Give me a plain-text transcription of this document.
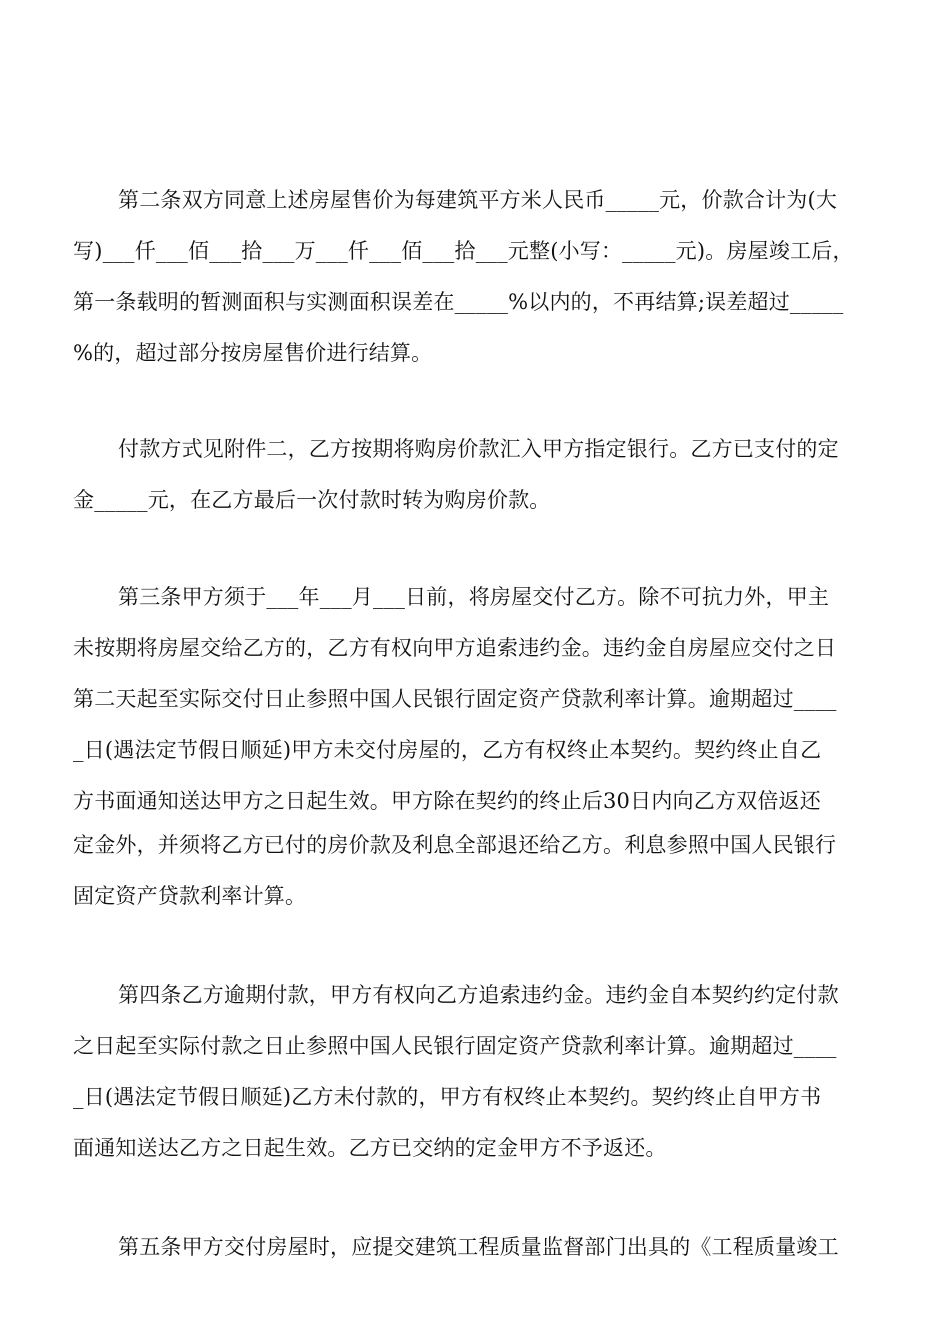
第二条双方同意上述房屋售价为每建筑平方米人民币_____元，价款合计为(大
写)___仟___佰___拾___万___仟___佰___拾___元整(小写：_____元)。房屋竣工后，
第一条载明的暂测面积与实测面积误差在_____%以内的，不再结算;误差超过_____
%的，超过部分按房屋售价进行结算。
付款方式见附件二，乙方按期将购房价款汇入甲方指定银行。乙方已支付的定
金_____元，在乙方最后一次付款时转为购房价款。
第三条甲方须于___年___月___日前，将房屋交付乙方。除不可抗力外，甲主
未按期将房屋交给乙方的，乙方有权向甲方追索违约金。违约金自房屋应交付之日
第二天起至实际交付日止参照中国人民银行固定资产贷款利率计算。逾期超过____
_日(遇法定节假日顺延)甲方未交付房屋的，乙方有权终止本契约。契约终止自乙
方书面通知送达甲方之日起生效。甲方除在契约的终止后30日内向乙方双倍返还
定金外，并须将乙方已付的房价款及利息全部退还给乙方。利息参照中国人民银行
固定资产贷款利率计算。
第四条乙方逾期付款，甲方有权向乙方追索违约金。违约金自本契约约定付款
之日起至实际付款之日止参照中国人民银行固定资产贷款利率计算。逾期超过____
_日(遇法定节假日顺延)乙方未付款的，甲方有权终止本契约。契约终止自甲方书
面通知送达乙方之日起生效。乙方已交纳的定金甲方不予返还。
第五条甲方交付房屋时，应提交建筑工程质量监督部门出具的《工程质量竣工
